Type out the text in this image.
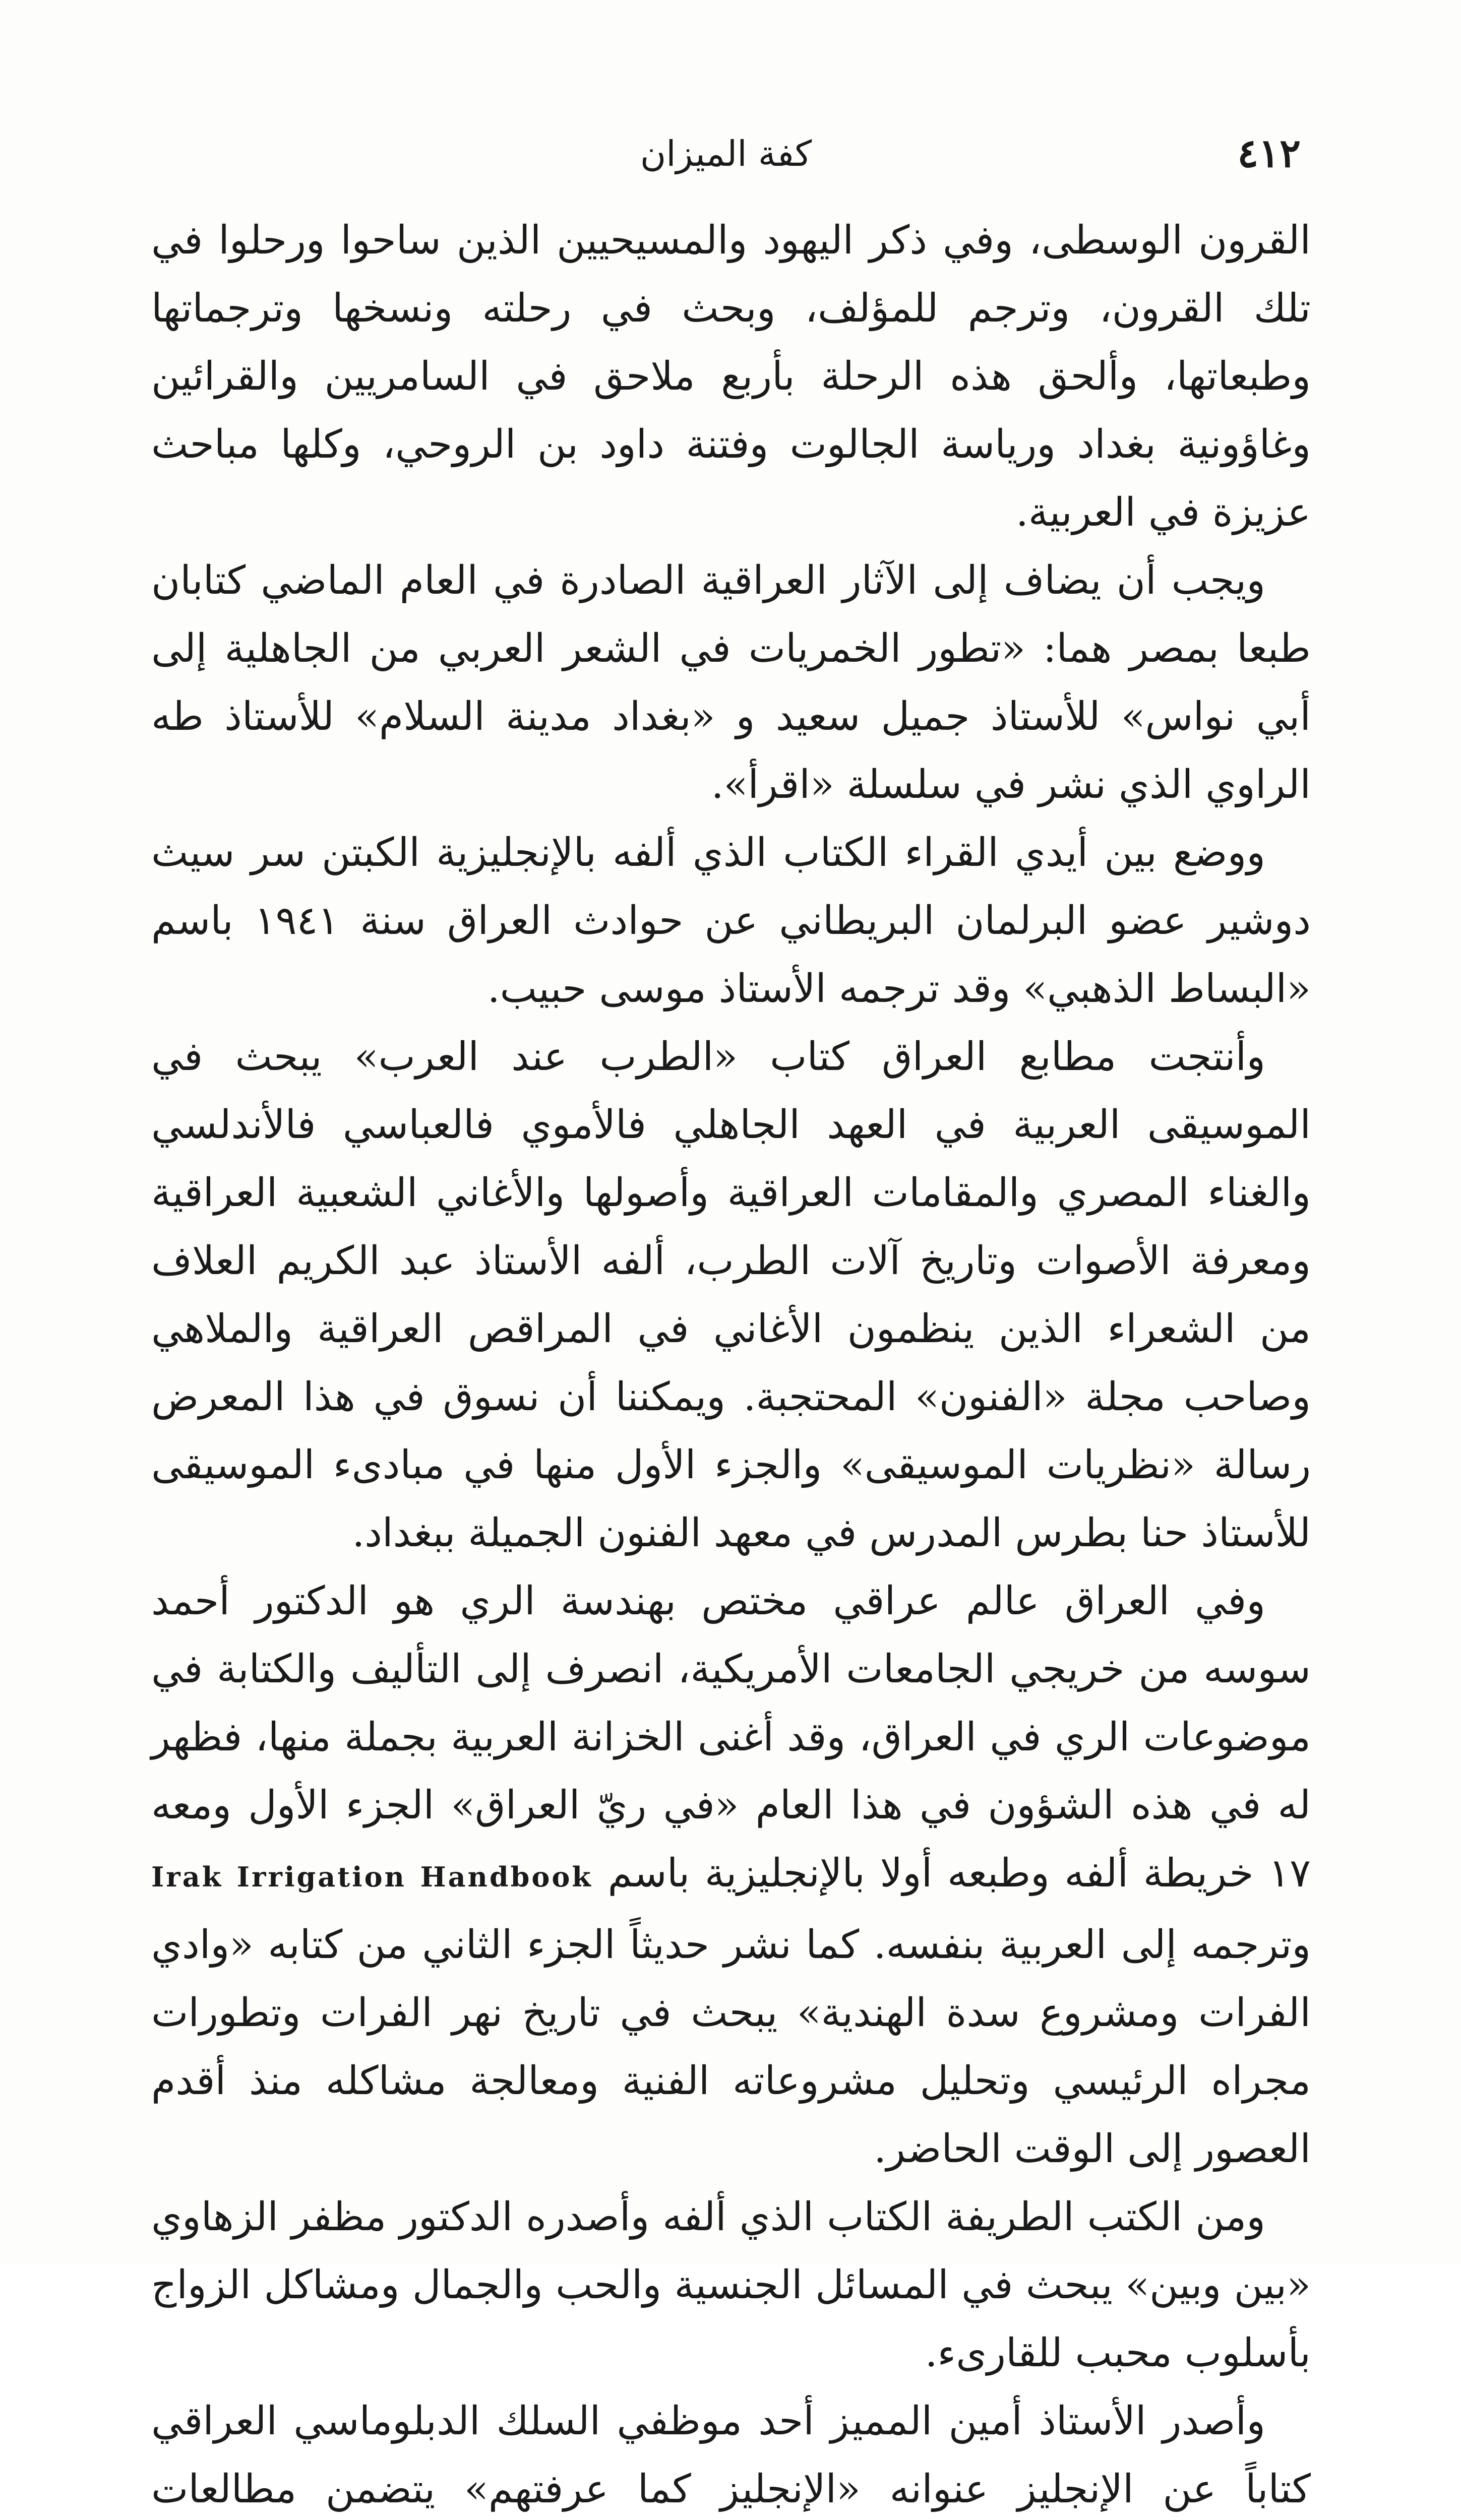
٤١٢
كفة الميزان

القرون الوسطى، وفي ذكر اليهود والمسيحيين الذين ساحوا ورحلوا في تلك القرون، وترجم للمؤلف، وبحث في رحلته ونسخها وترجماتها وطبعاتها، وألحق هذه الرحلة بأربع ملاحق في السامريين والقرائين وغاؤونية بغداد ورياسة الجالوت وفتنة داود بن الروحي، وكلها مباحث عزيزة في العربية.

ويجب أن يضاف إلى الآثار العراقية الصادرة في العام الماضي كتابان طبعا بمصر هما: «تطور الخمريات في الشعر العربي من الجاهلية إلى أبي نواس» للأستاذ جميل سعيد و «بغداد مدينة السلام» للأستاذ طه الراوي الذي نشر في سلسلة «اقرأ».

ووضع بين أيدي القراء الكتاب الذي ألفه بالإنجليزية الكبتن سر سيث دوشير عضو البرلمان البريطاني عن حوادث العراق سنة ١٩٤١ باسم «البساط الذهبي» وقد ترجمه الأستاذ موسى حبيب.

وأنتجت مطابع العراق كتاب «الطرب عند العرب» يبحث في الموسيقى العربية في العهد الجاهلي فالأموي فالعباسي فالأندلسي والغناء المصري والمقامات العراقية وأصولها والأغاني الشعبية العراقية ومعرفة الأصوات وتاريخ آلات الطرب، ألفه الأستاذ عبد الكريم العلاف من الشعراء الذين ينظمون الأغاني في المراقص العراقية والملاهي وصاحب مجلة «الفنون» المحتجبة. ويمكننا أن نسوق في هذا المعرض رسالة «نظريات الموسيقى» والجزء الأول منها في مبادىء الموسيقى للأستاذ حنا بطرس المدرس في معهد الفنون الجميلة ببغداد.

وفي العراق عالم عراقي مختص بهندسة الري هو الدكتور أحمد سوسه من خريجي الجامعات الأمريكية، انصرف إلى التأليف والكتابة في موضوعات الري في العراق، وقد أغنى الخزانة العربية بجملة منها، فظهر له في هذه الشؤون في هذا العام «في ريّ العراق» الجزء الأول ومعه ١٧ خريطة ألفه وطبعه أولا بالإنجليزية باسم Irak Irrigation Handbook وترجمه إلى العربية بنفسه. كما نشر حديثاً الجزء الثاني من كتابه «وادي الفرات ومشروع سدة الهندية» يبحث في تاريخ نهر الفرات وتطورات مجراه الرئيسي وتحليل مشروعاته الفنية ومعالجة مشاكله منذ أقدم العصور إلى الوقت الحاضر.

ومن الكتب الطريفة الكتاب الذي ألفه وأصدره الدكتور مظفر الزهاوي «بين وبين» يبحث في المسائل الجنسية والحب والجمال ومشاكل الزواج بأسلوب محبب للقارىء.

وأصدر الأستاذ أمين المميز أحد موظفي السلك الدبلوماسي العراقي كتاباً عن الإنجليز عنوانه «الإنجليز كما عرفتهم» يتضمن مطالعات
